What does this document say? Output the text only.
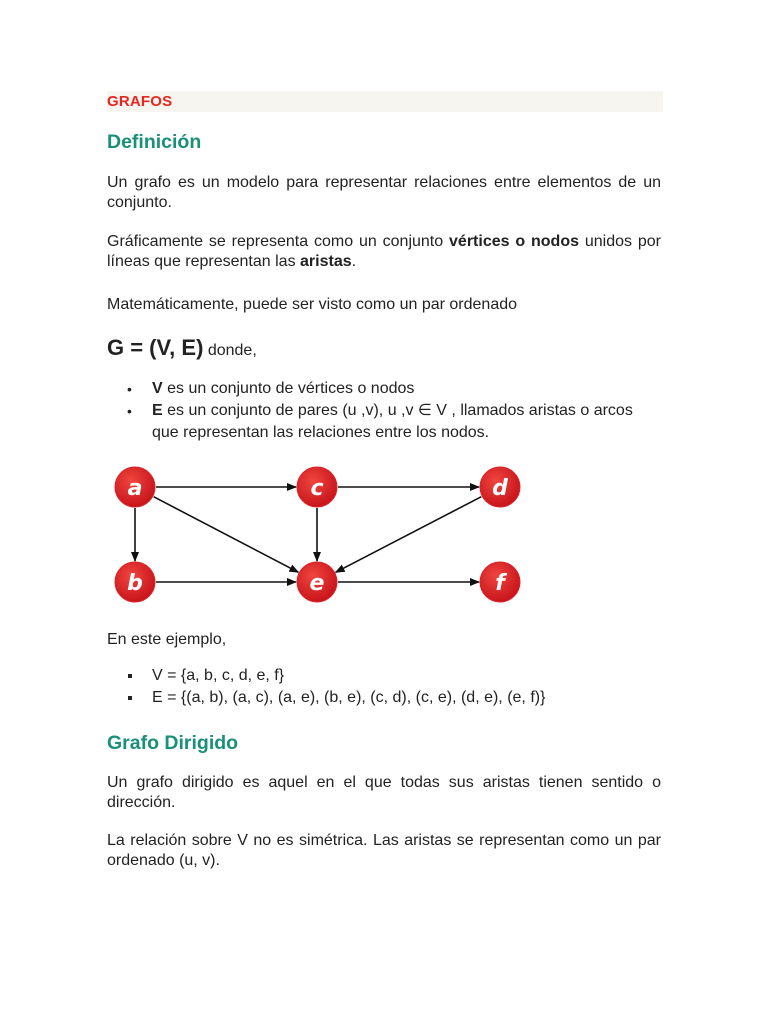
GRAFOS
Definición
Un grafo es un modelo para representar relaciones entre elementos de un conjunto.
Gráficamente se representa como un conjunto vértices o nodos unidos por líneas que representan las aristas.
Matemáticamente, puede ser visto como un par ordenado
G = (V, E) donde,
• V es un conjunto de vértices o nodos
• E es un conjunto de pares (u ,v), u ,v ∈ V , llamados aristas o arcos que representan las relaciones entre los nodos.
a	c	d
b	e	f
En este ejemplo,
V = {a, b, c, d, e, f}
E = {(a, b), (a, c), (a, e), (b, e), (c, d), (c, e), (d, e), (e, f)}
Grafo Dirigido
Un grafo dirigido es aquel en el que todas sus aristas tienen sentido o dirección.
La relación sobre V no es simétrica. Las aristas se representan como un par ordenado (u, v).
